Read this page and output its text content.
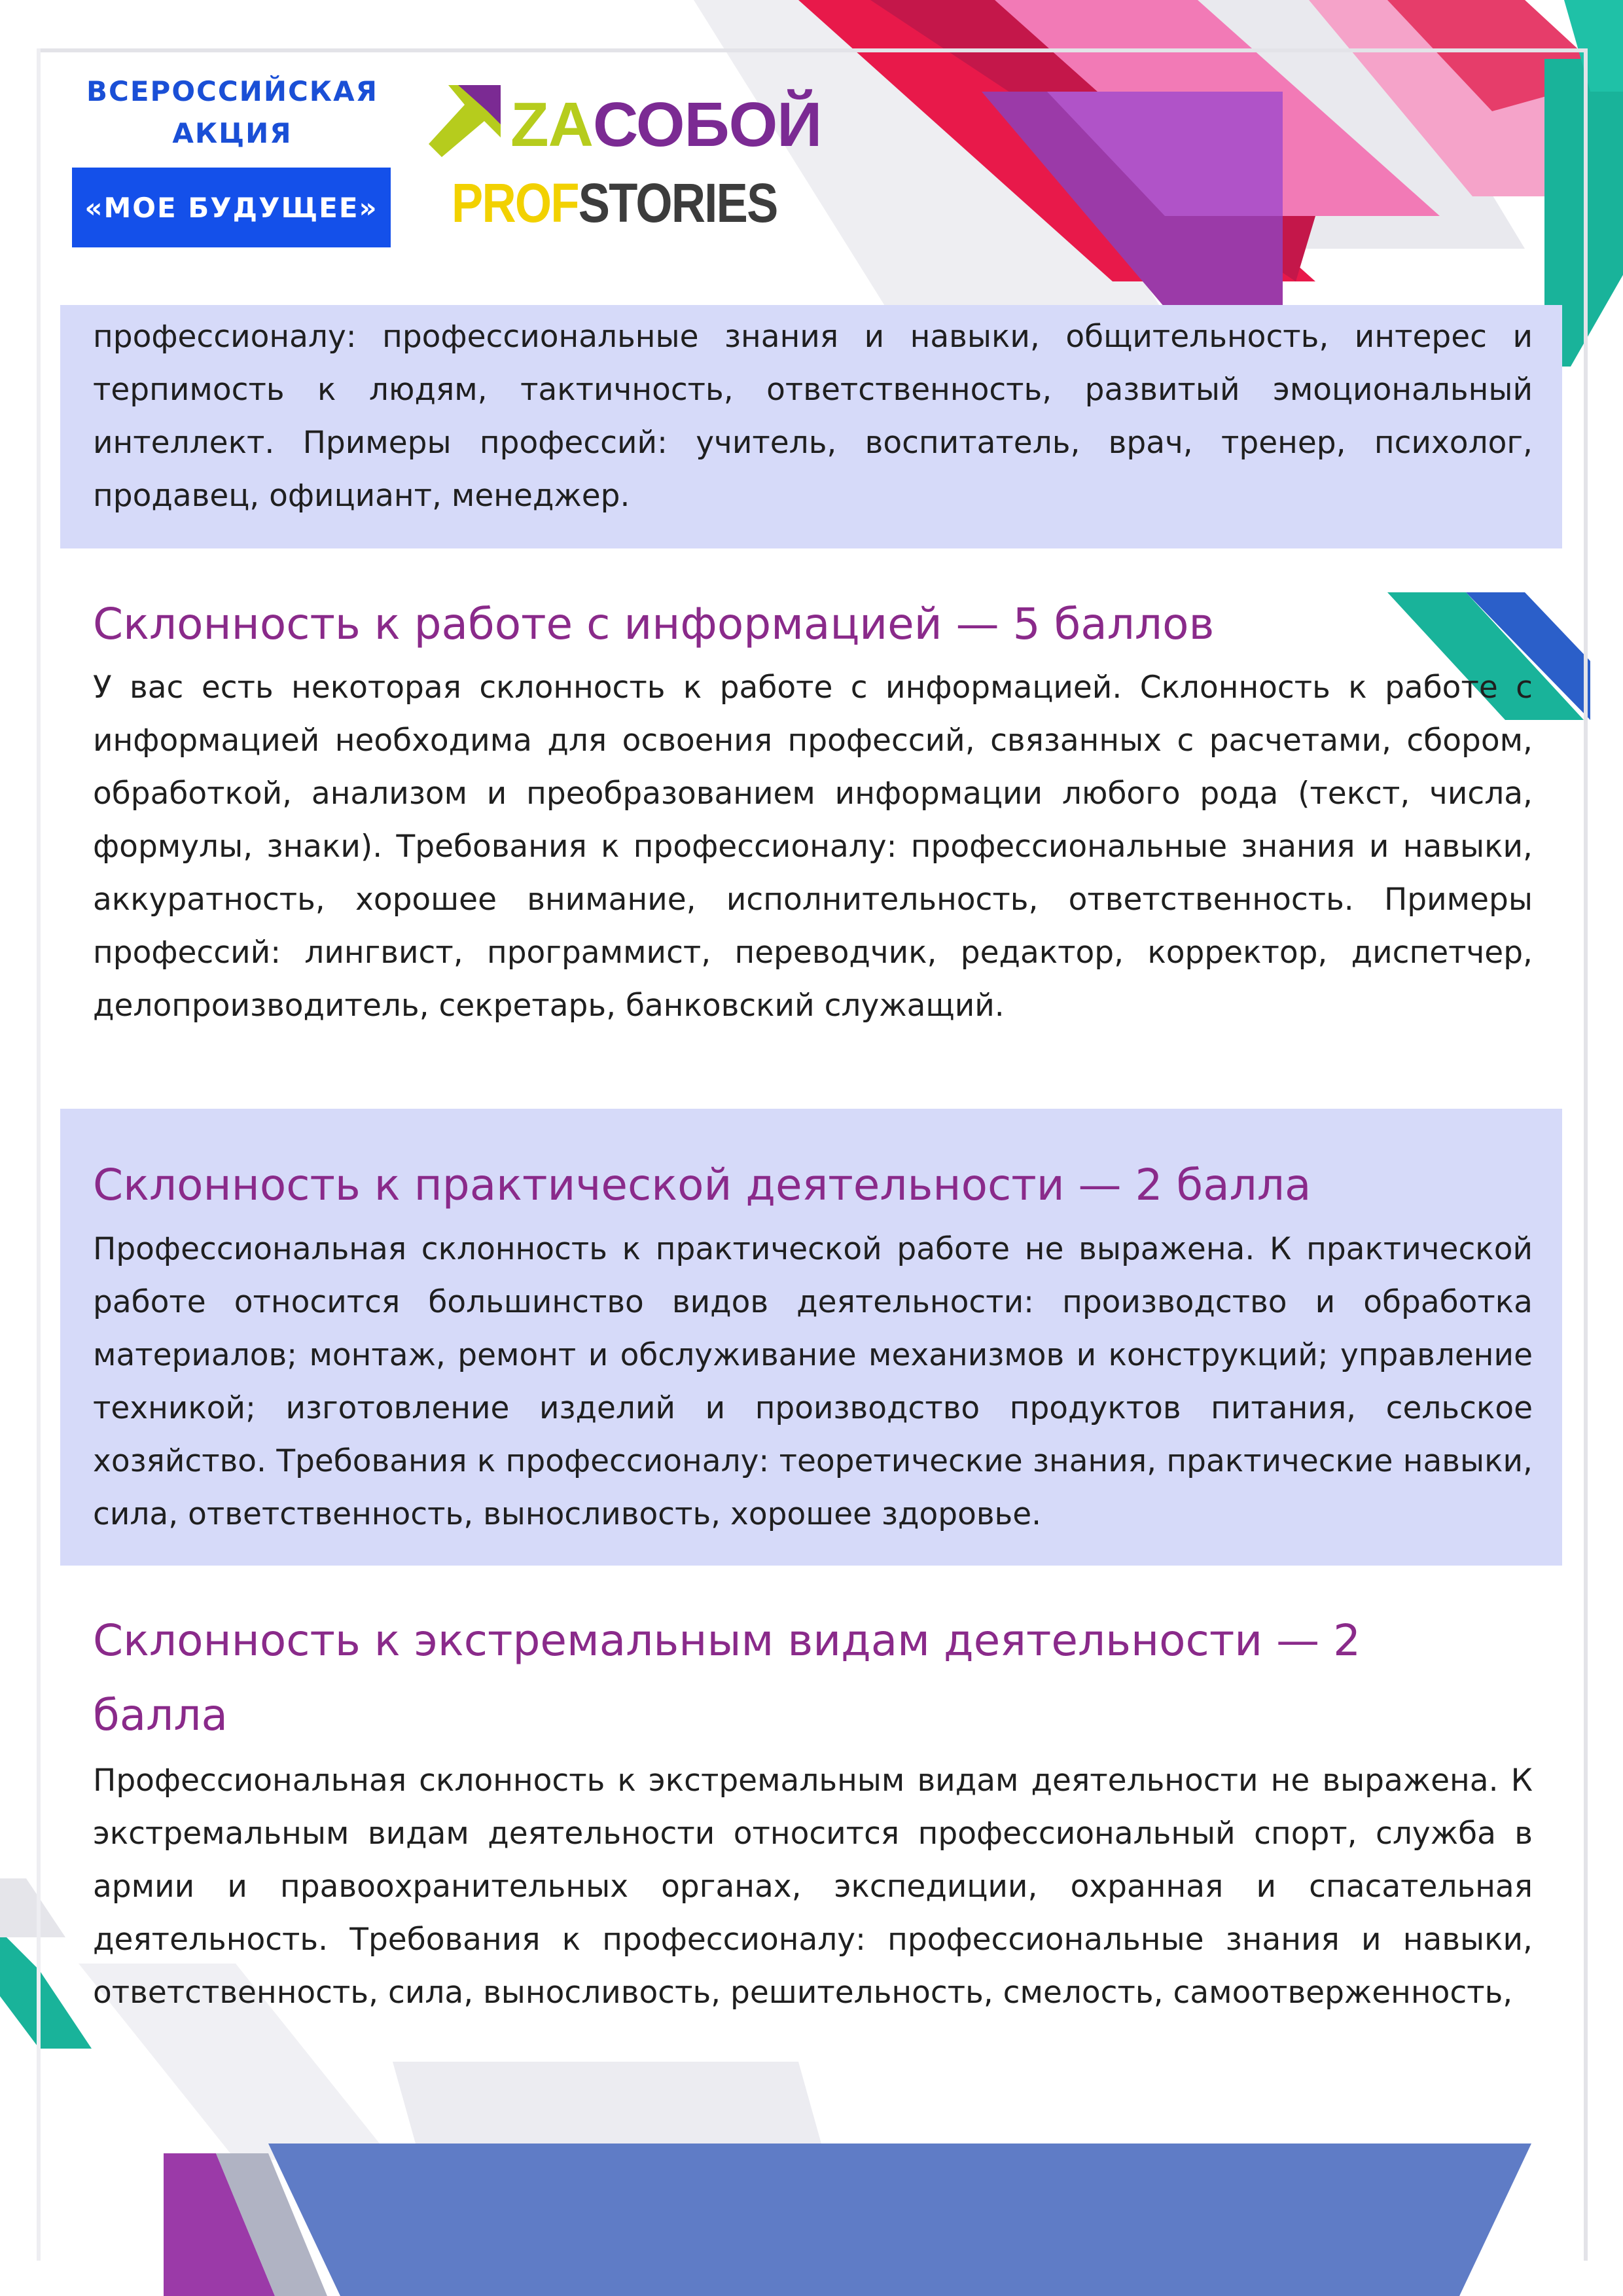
ВСЕРОССИЙСКАЯ
АКЦИЯ
«МОЕ БУДУЩЕЕ»
ZAСОБОЙ
PROFSTORIES
профессионалу: профессиональные знания и навыки, общительность, интерес и терпимость к людям, тактичность, ответственность, развитый эмоциональный интеллект. Примеры профессий: учитель, воспитатель, врач, тренер, психолог, продавец, официант, менеджер.
Склонность к работе с информацией — 5 баллов
У вас есть некоторая склонность к работе с информацией. Склонность к работе с информацией необходима для освоения профессий, связанных с расчетами, сбором, обработкой, анализом и преобразованием информации любого рода (текст, числа, формулы, знаки). Требования к профессионалу: профессиональные знания и навыки, аккуратность, хорошее внимание, исполнительность, ответственность. Примеры профессий: лингвист, программист, переводчик, редактор, корректор, диспетчер, делопроизводитель, секретарь, банковский служащий.
Склонность к практической деятельности — 2 балла
Профессиональная склонность к практической работе не выражена. К практической работе относится большинство видов деятельности: производство и обработка материалов; монтаж, ремонт и обслуживание механизмов и конструкций; управление техникой; изготовление изделий и производство продуктов питания, сельское хозяйство. Требования к профессионалу: теоретические знания, практические навыки, сила, ответственность, выносливость, хорошее здоровье.
Склонность к экстремальным видам деятельности — 2 балла
Профессиональная склонность к экстремальным видам деятельности не выражена. К экстремальным видам деятельности относится профессиональный спорт, служба в армии и правоохранительных органах, экспедиции, охранная и спасательная деятельность. Требования к профессионалу: профессиональные знания и навыки, ответственность, сила, выносливость, решительность, смелость, самоотверженность,
